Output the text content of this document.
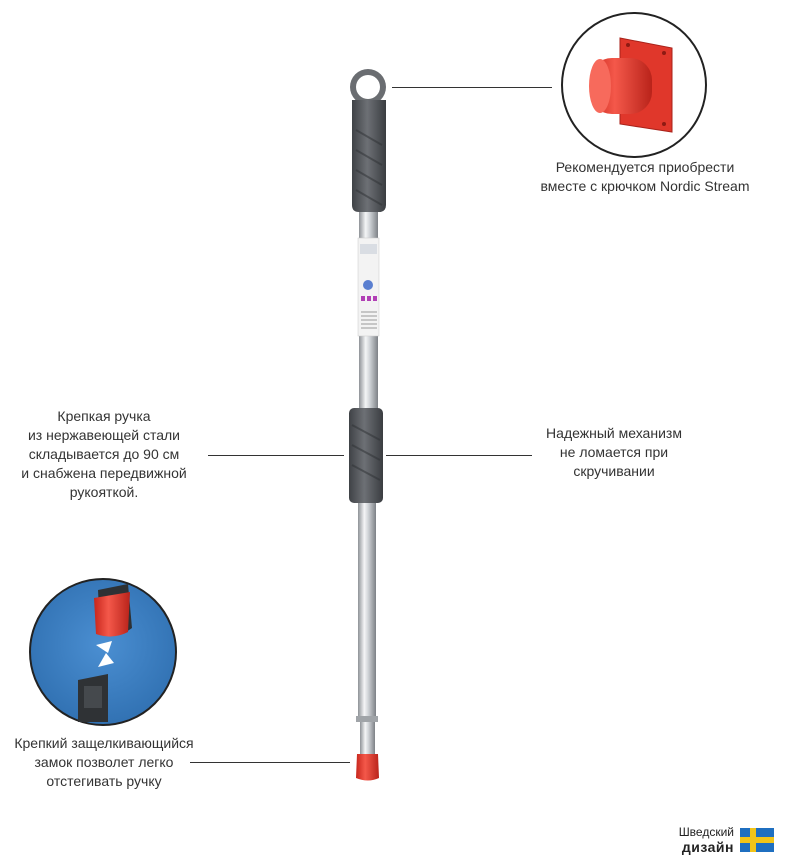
Рекомендуется приобрести
вместе с крючком Nordic Stream
Крепкая ручка
из нержавеющей стали
складывается до 90 см
и снабжена передвижной
рукояткой.
Надежный механизм
не ломается при
скручивании
Крепкий защелкивающийся
замок позволет легко
отстегивать ручку
Шведский
дизайн
